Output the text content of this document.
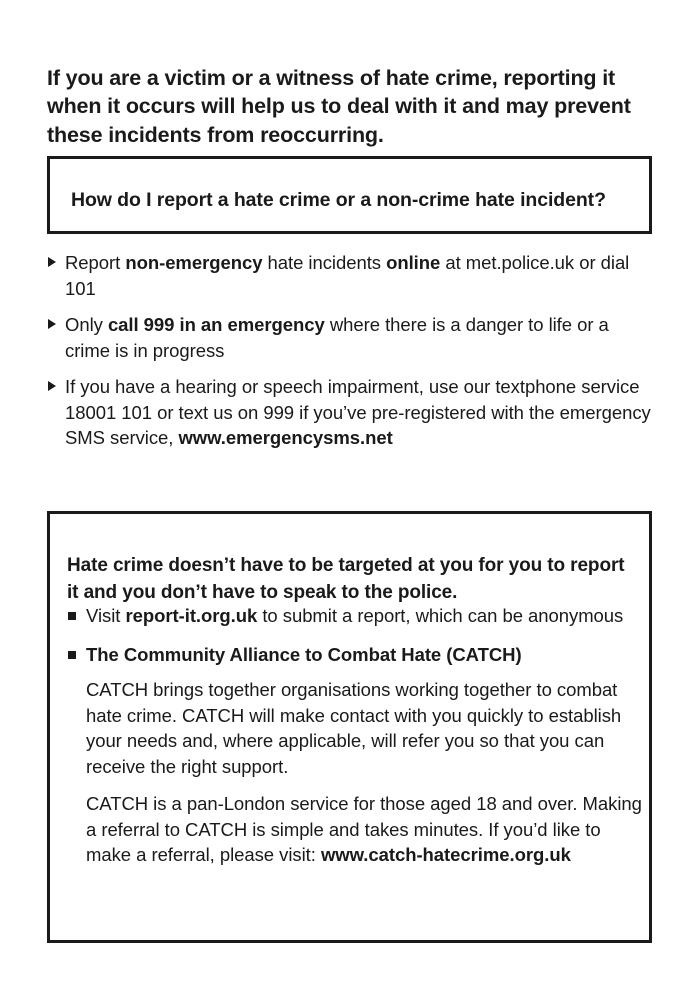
If you are a victim or a witness of hate crime, reporting it when it occurs will help us to deal with it and may prevent these incidents from reoccurring.

How do I report a hate crime or a non-crime hate incident?
Report non-emergency hate incidents online at met.police.uk or dial 101
Only call 999 in an emergency where there is a danger to life or a crime is in progress
If you have a hearing or speech impairment, use our textphone service 18001 101 or text us on 999 if you’ve pre-registered with the emergency SMS service, www.emergencysms.net
Hate crime doesn’t have to be targeted at you for you to report it and you don’t have to speak to the police.
Visit report-it.org.uk to submit a report, which can be anonymous
The Community Alliance to Combat Hate (CATCH)

CATCH brings together organisations working together to combat hate crime. CATCH will make contact with you quickly to establish your needs and, where applicable, will refer you so that you can receive the right support.

CATCH is a pan-London service for those aged 18 and over. Making a referral to CATCH is simple and takes minutes. If you’d like to make a referral, please visit: www.catch-hatecrime.org.uk
